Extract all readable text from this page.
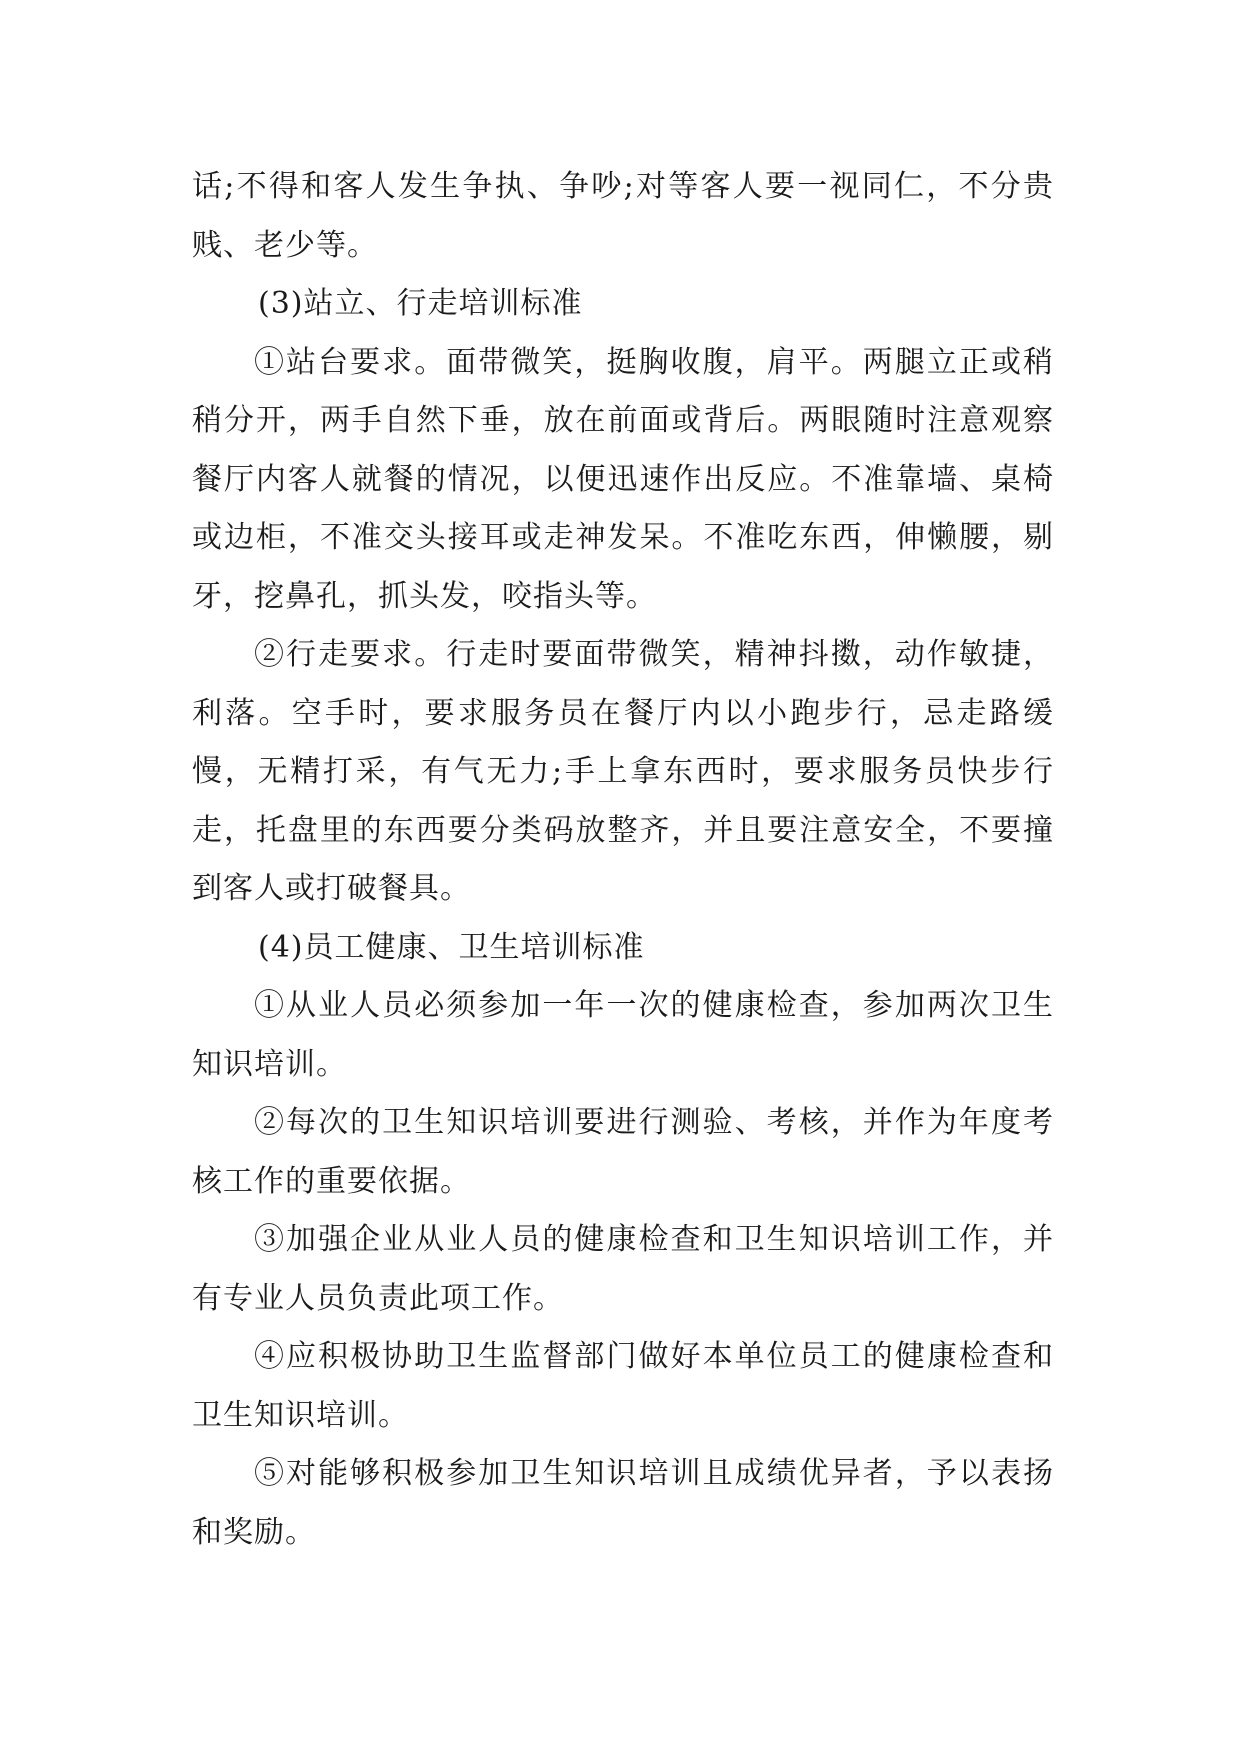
话;不得和客人发生争执、争吵;对等客人要一视同仁，不分贵贱、老少等。

(3)站立、行走培训标准

①站台要求。面带微笑，挺胸收腹，肩平。两腿立正或稍稍分开，两手自然下垂，放在前面或背后。两眼随时注意观察餐厅内客人就餐的情况，以便迅速作出反应。不准靠墙、桌椅或边柜，不准交头接耳或走神发呆。不准吃东西，伸懒腰，剔牙，挖鼻孔，抓头发，咬指头等。

②行走要求。行走时要面带微笑，精神抖擞，动作敏捷，利落。空手时，要求服务员在餐厅内以小跑步行，忌走路缓慢，无精打采，有气无力;手上拿东西时，要求服务员快步行走，托盘里的东西要分类码放整齐，并且要注意安全，不要撞到客人或打破餐具。

(4)员工健康、卫生培训标准

①从业人员必须参加一年一次的健康检查，参加两次卫生知识培训。

②每次的卫生知识培训要进行测验、考核，并作为年度考核工作的重要依据。

③加强企业从业人员的健康检查和卫生知识培训工作，并有专业人员负责此项工作。

④应积极协助卫生监督部门做好本单位员工的健康检查和卫生知识培训。

⑤对能够积极参加卫生知识培训且成绩优异者，予以表扬和奖励。
